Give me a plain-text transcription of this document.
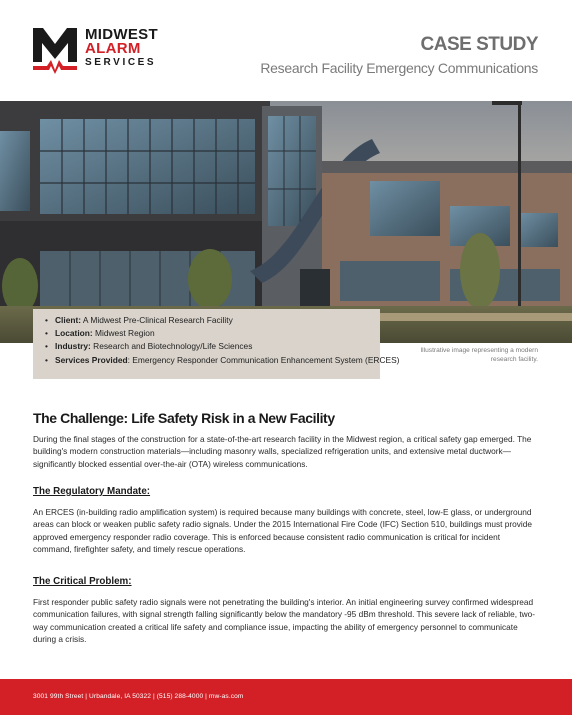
MIDWEST
ALARM
SERVICES
CASE STUDY
Research Facility Emergency Communications
• Client: A Midwest Pre-Clinical Research Facility
• Location: Midwest Region
• Industry: Research and Biotechnology/Life Sciences
• Services Provided: Emergency Responder Communication Enhancement System (ERCES)
Illustrative image representing a modern research facility.
The Challenge: Life Safety Risk in a New Facility

During the final stages of the construction for a state-of-the-art research facility in the Midwest region, a critical safety gap emerged. The building's modern construction materials—including masonry walls, specialized refrigeration units, and extensive metal ductwork—significantly blocked essential over-the-air (OTA) wireless communications.

The Regulatory Mandate:

An ERCES (in-building radio amplification system) is required because many buildings with concrete, steel, low-E glass, or underground areas can block or weaken public safety radio signals. Under the 2015 International Fire Code (IFC) Section 510, buildings must provide approved emergency responder radio coverage. This is enforced because consistent radio communication is critical for incident command, firefighter safety, and timely rescue operations.

The Critical Problem:

First responder public safety radio signals were not penetrating the building's interior. An initial engineering survey confirmed widespread communication failures, with signal strength falling significantly below the mandatory -95 dBm threshold. This severe lack of reliable, two-way communication created a critical life safety and compliance issue, impacting the ability of emergency personnel to communicate during a crisis.

3001 99th Street | Urbandale, IA 50322 | (515) 288-4000 | mw-as.com
